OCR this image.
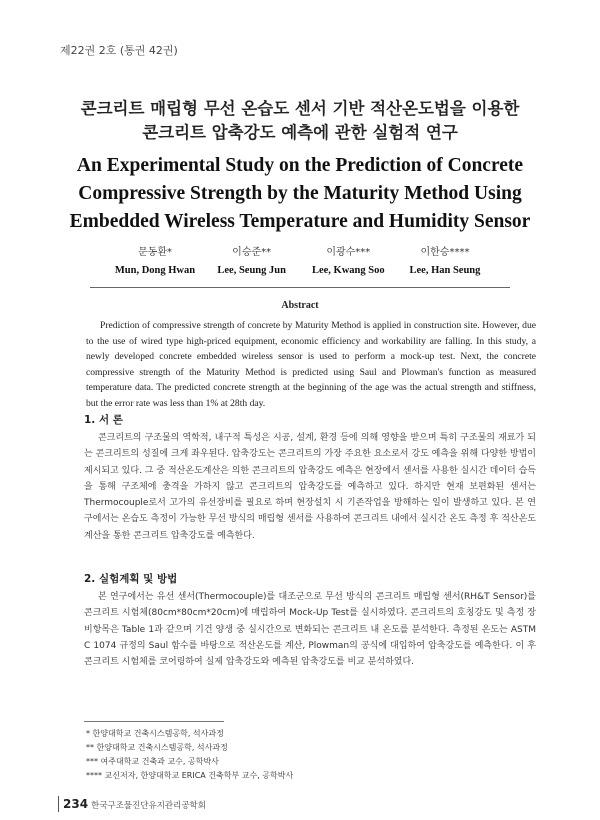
제22권 2호 (통권 42권)
콘크리트 매립형 무선 온습도 센서 기반 적산온도법을 이용한
콘크리트 압축강도 예측에 관한 실험적 연구
An Experimental Study on the Prediction of Concrete
Compressive Strength by the Maturity Method Using
Embedded Wireless Temperature and Humidity Sensor
문동환*	이승준**	이광수***	이한승****
Mun, Dong Hwan	Lee, Seung Jun	Lee, Kwang Soo	Lee, Han Seung
Abstract
Prediction of compressive strength of concrete by Maturity Method is applied in construction site. However, due to the use of wired type high-priced equipment, economic efficiency and workability are falling. In this study, a newly developed concrete embedded wireless sensor is used to perform a mock-up test. Next, the concrete compressive strength of the Maturity Method is predicted using Saul and Plowman's function as measured temperature data. The predicted concrete strength at the beginning of the age was the actual strength and stiffness, but the error rate was less than 1% at 28th day.
1. 서 론
콘크리트의 구조물의 역학적, 내구적 특성은 시공, 설계, 환경 등에 의해 영향을 받으며 특히 구조물의 재료가 되는 콘크리트의 성질에 크게 좌우된다. 압축강도는 콘크리트의 가장 주요한 요소로서 강도 예측을 위해 다양한 방법이 제시되고 있다. 그 중 적산온도계산은 의한 콘크리트의 압축강도 예측은 현장에서 센서를 사용한 실시간 데이터 습득을 통해 구조체에 충격을 가하지 않고 콘크리트의 압축강도를 예측하고 있다. 하지만 현재 보편화된 센서는 Thermocouple로서 고가의 유선장비를 필요로 하며 현장설치 시 기존작업을 방해하는 일이 발생하고 있다. 본 연구에서는 온습도 측정이 가능한 무선 방식의 매립형 센서를 사용하여 콘크리트 내에서 실시간 온도 측정 후 적산온도 계산을 통한 콘크리트 압축강도를 예측한다.
2. 실험계획 및 방법
본 연구에서는 유선 센서(Thermocouple)를 대조군으로 무선 방식의 콘크리트 매립형 센서(RH&T Sensor)를 콘크리트 시험체(80cm*80cm*20cm)에 매립하여 Mock-Up Test를 실시하였다. 콘크리트의 호칭강도 및 측정 장비항목은 Table 1과 같으며 기건 양생 중 실시간으로 변화되는 콘크리트 내 온도를 분석한다. 측정된 온도는 ASTM C 1074 규정의 Saul 함수를 바탕으로 적산온도를 계산, Plowman의 공식에 대입하여 압축강도를 예측한다. 이 후 콘크리트 시험체를 코어링하여 실제 압축강도와 예측된 압축강도를 비교 분석하였다.
* 한양대학교 건축시스템공학, 석사과정
** 한양대학교 건축시스템공학, 석사과정
*** 여주대학교 건축과 교수, 공학박사
**** 교신저자, 한양대학교 ERICA 건축학부 교수, 공학박사
234 한국구조물진단유지관리공학회
